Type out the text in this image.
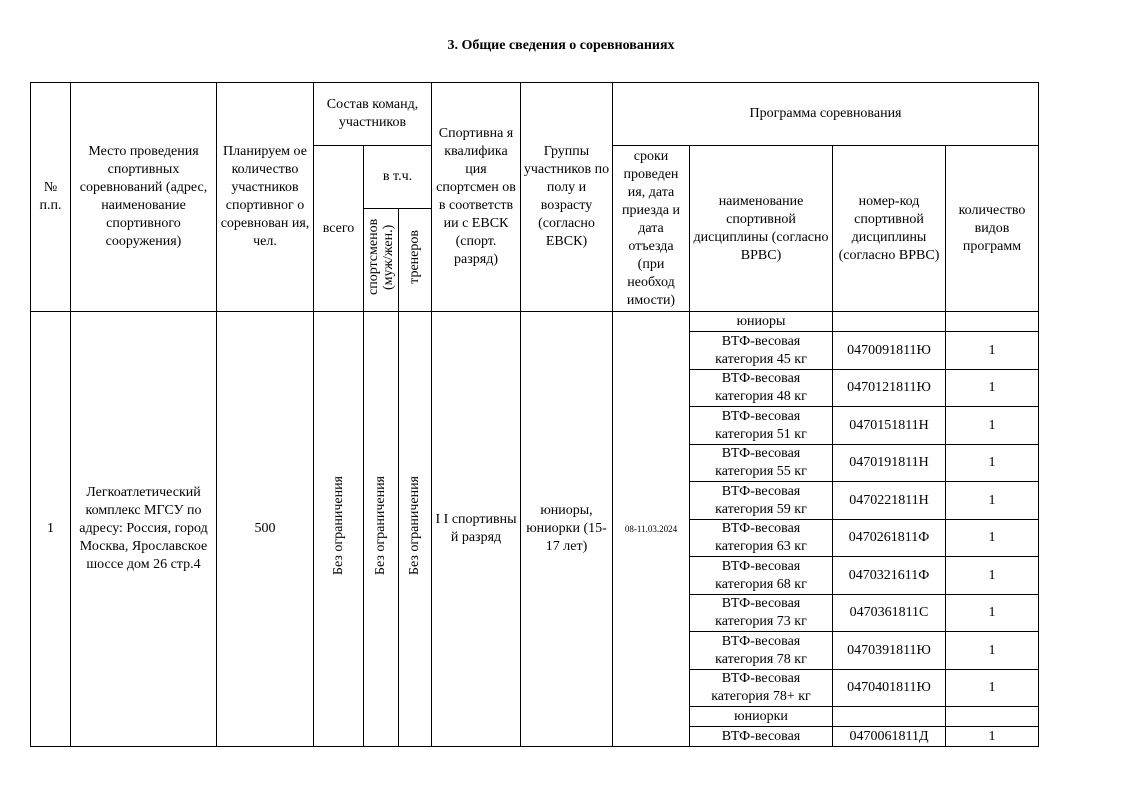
3. Общие сведения о соревнованиях
№ п.п.	Место проведения спортивных соревнований (адрес, наименование спортивного сооружения)	Планируем ое количество участников спортивног о соревнован ия, чел.	Состав команд, участников			Спортивна я квалифика ция спортсмен ов в соответств ии с ЕВСК (спорт. разряд)	Группы участников по полу и возрасту (согласно ЕВСК)	Программа соревнования			
			всего	в т.ч.				сроки проведен ия, дата приезда и дата отъезда (при необход имости)	наименование спортивной дисциплины (согласно ВРВС)	номер-код спортивной дисциплины (согласно ВРВС)	количество видов программ
				спортсменов (муж/жен.)	тренеров						
1	Легкоатлетический комплекс МГСУ по адресу: Россия, город Москва, Ярославское шоссе дом 26 стр.4	500	Без ограничения	Без ограничения	Без ограничения	I I спортивны й разряд	юниоры, юниорки (15-17 лет)	08-11.03.2024	юниоры		
									ВТФ-весовая категория 45 кг	0470091811Ю	1
									ВТФ-весовая категория 48 кг	0470121811Ю	1
									ВТФ-весовая категория 51 кг	0470151811Н	1
									ВТФ-весовая категория 55 кг	0470191811Н	1
									ВТФ-весовая категория 59 кг	0470221811Н	1
									ВТФ-весовая категория 63 кг	0470261811Ф	1
									ВТФ-весовая категория 68 кг	0470321611Ф	1
									ВТФ-весовая категория 73 кг	0470361811С	1
									ВТФ-весовая категория 78 кг	0470391811Ю	1
									ВТФ-весовая категория 78+ кг	0470401811Ю	1
									юниорки		
									ВТФ-весовая	0470061811Д	1
